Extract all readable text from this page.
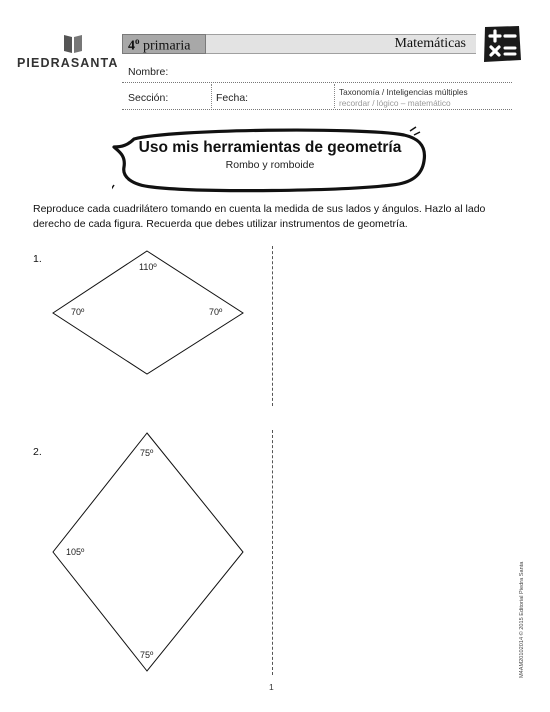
PIEDRASANTA
4$^o$ primaria	Matemáticas
Nombre:
Sección:	Fecha:	Taxonomía / Inteligencias múltiples
recordar / lógico – matemático
Uso mis herramientas de geometría
Rombo y romboide
Reproduce cada cuadrilátero tomando en cuenta la medida de sus lados y ángulos. Hazlo al lado derecho de cada figura. Recuerda que debes utilizar instrumentos de geometría.
1.
110º
70º	70º
2.	75º
105º
75º
1
M4AM20102014 © 2015 Editorial Piedra Santa
